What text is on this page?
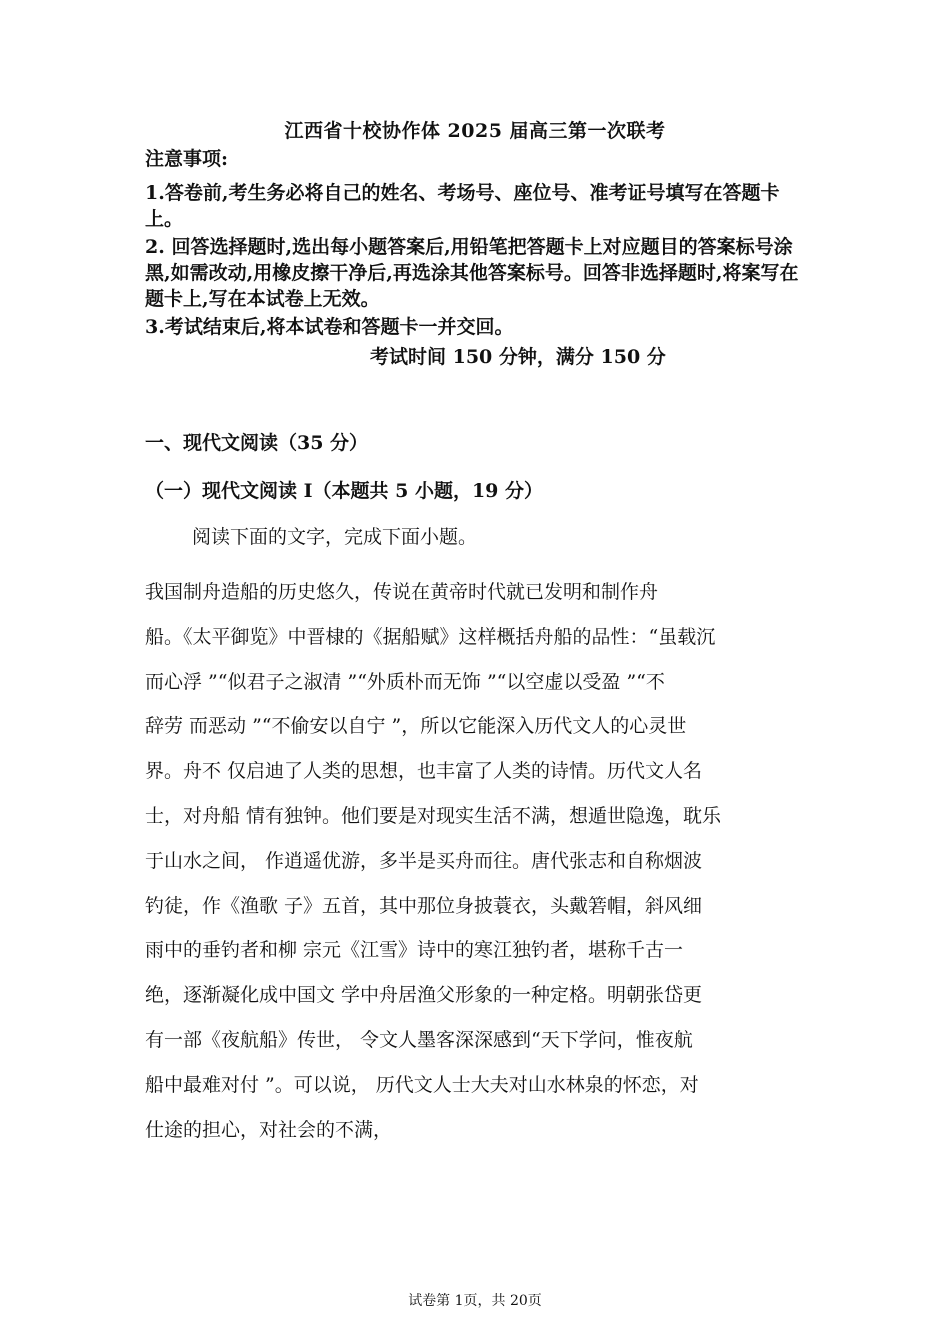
江西省十校协作体 2025 届高三第一次联考
注意事项:
1.答卷前,考生务必将自己的姓名、考场号、座位号、准考证号填写在答题卡上。
2. 回答选择题时,选出每小题答案后,用铅笔把答题卡上对应题目的答案标号涂黑,如需改动,用橡皮擦干净后,再选涂其他答案标号。回答非选择题时,将案写在题卡上,写在本试卷上无效。
3.考试结束后,将本试卷和答题卡一并交回。
考试时间 150 分钟，满分 150 分
一、现代文阅读（35 分）
（一）现代文阅读 Ⅰ（本题共 5 小题，19 分）
阅读下面的文字，完成下面小题。
我国制舟造船的历史悠久，传说在黄帝时代就已发明和制作舟
船。《太平御览》中晋棣的《据船赋》这样概括舟船的品性：“虽载沉
而心浮 ”“似君子之淑清 ”“外质朴而无饰 ”“以空虚以受盈 ”“不
辞劳 而恶动 ”“不偷安以自宁 ”，所以它能深入历代文人的心灵世
界。舟不 仅启迪了人类的思想，也丰富了人类的诗情。历代文人名
士，对舟船 情有独钟。他们要是对现实生活不满，想遁世隐逸，耽乐
于山水之间， 作逍遥优游，多半是买舟而往。唐代张志和自称烟波
钓徒，作《渔歌 子》五首，其中那位身披蓑衣，头戴箬帽，斜风细
雨中的垂钓者和柳 宗元《江雪》诗中的寒江独钓者，堪称千古一
绝，逐渐凝化成中国文 学中舟居渔父形象的一种定格。明朝张岱更
有一部《夜航船》传世， 令文人墨客深深感到“天下学问，惟夜航
船中最难对付 ”。可以说， 历代文人士大夫对山水林泉的怀恋，对
仕途的担心，对社会的不满，
试卷第 1页，共 20页
